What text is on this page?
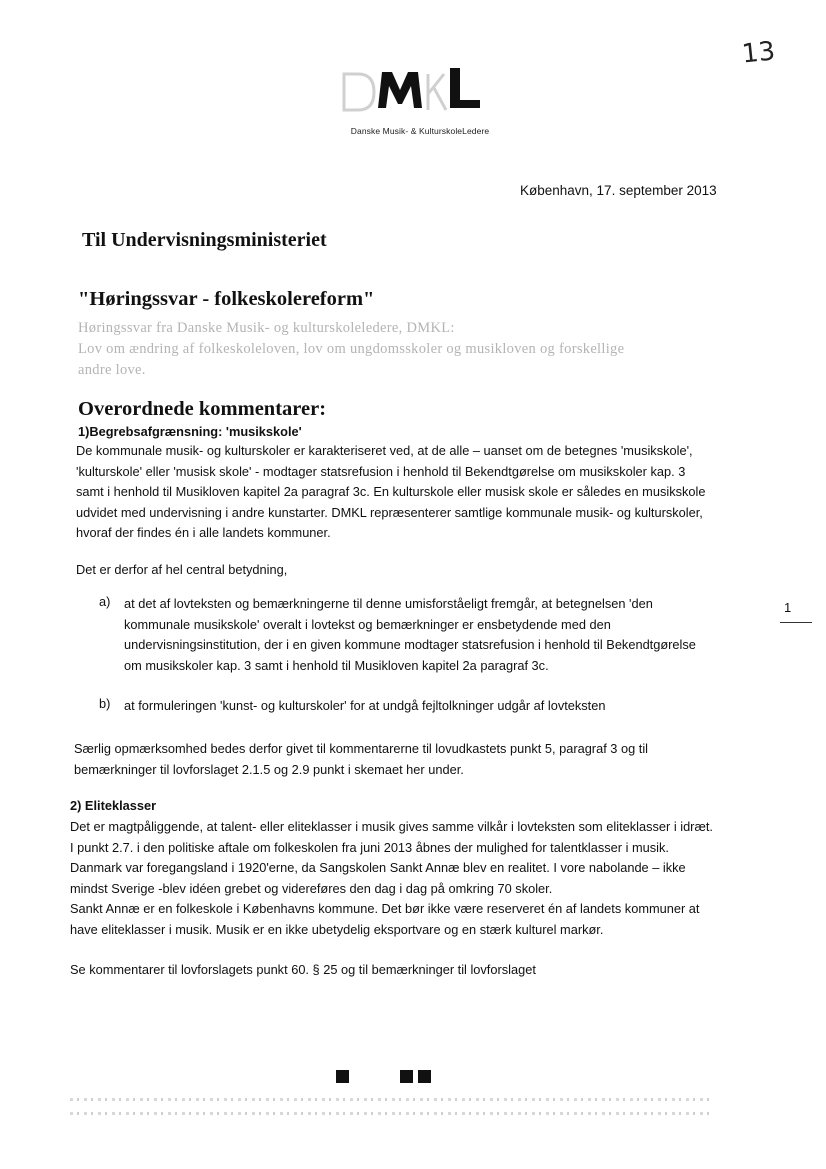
13
Danske Musik- & KulturskoleLedere
København, 17. september 2013
Til Undervisningsministeriet
"Høringssvar - folkeskolereform"
Høringssvar fra Danske Musik- og kulturskoleledere, DMKL:
Lov om ændring af folkeskoleloven, lov om ungdomsskoler og musikloven og forskellige
andre love.
Overordnede kommentarer:
1)Begrebsafgrænsning: 'musikskole'
De kommunale musik- og kulturskoler er karakteriseret ved, at de alle – uanset om de betegnes 'musikskole',
'kulturskole' eller 'musisk skole' - modtager statsrefusion i henhold til Bekendtgørelse om musikskoler kap. 3
samt i henhold til Musikloven kapitel 2a paragraf 3c. En kulturskole eller musisk skole er således en musikskole
udvidet med undervisning i andre kunstarter. DMKL repræsenterer samtlige kommunale musik- og kulturskoler,
hvoraf der findes én i alle landets kommuner.
Det er derfor af hel central betydning,
a) at det af lovteksten og bemærkningerne til denne umisforståeligt fremgår, at betegnelsen 'den
kommunale musikskole' overalt i lovtekst og bemærkninger er ensbetydende med den
undervisningsinstitution, der i en given kommune modtager statsrefusion i henhold til Bekendtgørelse
om musikskoler kap. 3 samt i henhold til Musikloven kapitel 2a paragraf 3c.
b) at formuleringen 'kunst- og kulturskoler' for at undgå fejltolkninger udgår af lovteksten
Særlig opmærksomhed bedes derfor givet til kommentarerne til lovudkastets punkt 5, paragraf 3 og til
bemærkninger til lovforslaget 2.1.5 og 2.9 punkt i skemaet her under.
1
2) Eliteklasser
Det er magtpåliggende, at talent- eller eliteklasser i musik gives samme vilkår i lovteksten som eliteklasser i idræt.
I punkt 2.7. i den politiske aftale om folkeskolen fra juni 2013 åbnes der mulighed for talentklasser i musik.
Danmark var foregangsland i 1920'erne, da Sangskolen Sankt Annæ blev en realitet. I vore nabolande – ikke
mindst Sverige -blev idéen grebet og videreføres den dag i dag på omkring 70 skoler.
Sankt Annæ er en folkeskole i Københavns kommune. Det bør ikke være reserveret én af landets kommuner at
have eliteklasser i musik. Musik er en ikke ubetydelig eksportvare og en stærk kulturel markør.
Se kommentarer til lovforslagets punkt 60. § 25 og til bemærkninger til lovforslaget
